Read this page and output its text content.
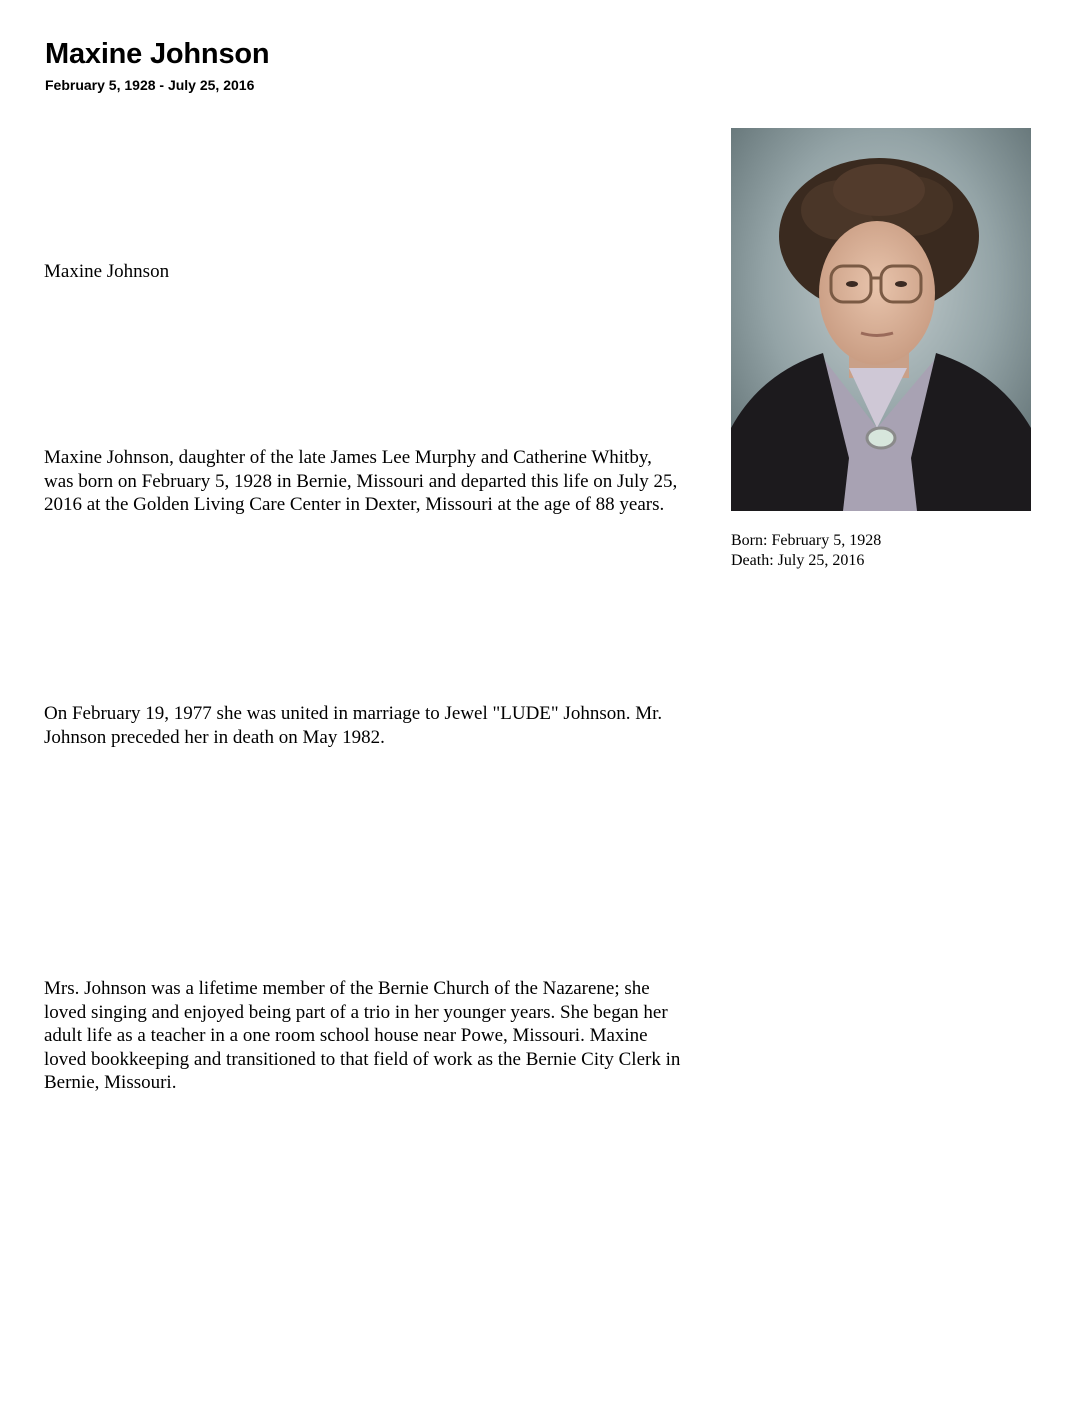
Maxine Johnson
February 5, 1928 - July 25, 2016

Maxine Johnson

Maxine Johnson, daughter of the late James Lee Murphy and Catherine Whitby, was born on February 5, 1928 in Bernie, Missouri and departed this life on July 25, 2016 at the Golden Living Care Center in Dexter, Missouri at the age of 88 years.

On February 19, 1977 she was united in marriage to Jewel "LUDE" Johnson. Mr. Johnson preceded her in death on May 1982.

Mrs. Johnson was a lifetime member of the Bernie Church of the Nazarene; she loved singing and enjoyed being part of a trio in her younger years. She began her adult life as a teacher in a one room school house near Powe, Missouri. Maxine loved bookkeeping and transitioned to that field of work as the Bernie City Clerk in Bernie, Missouri.

Born: February 5, 1928
Death: July 25, 2016
